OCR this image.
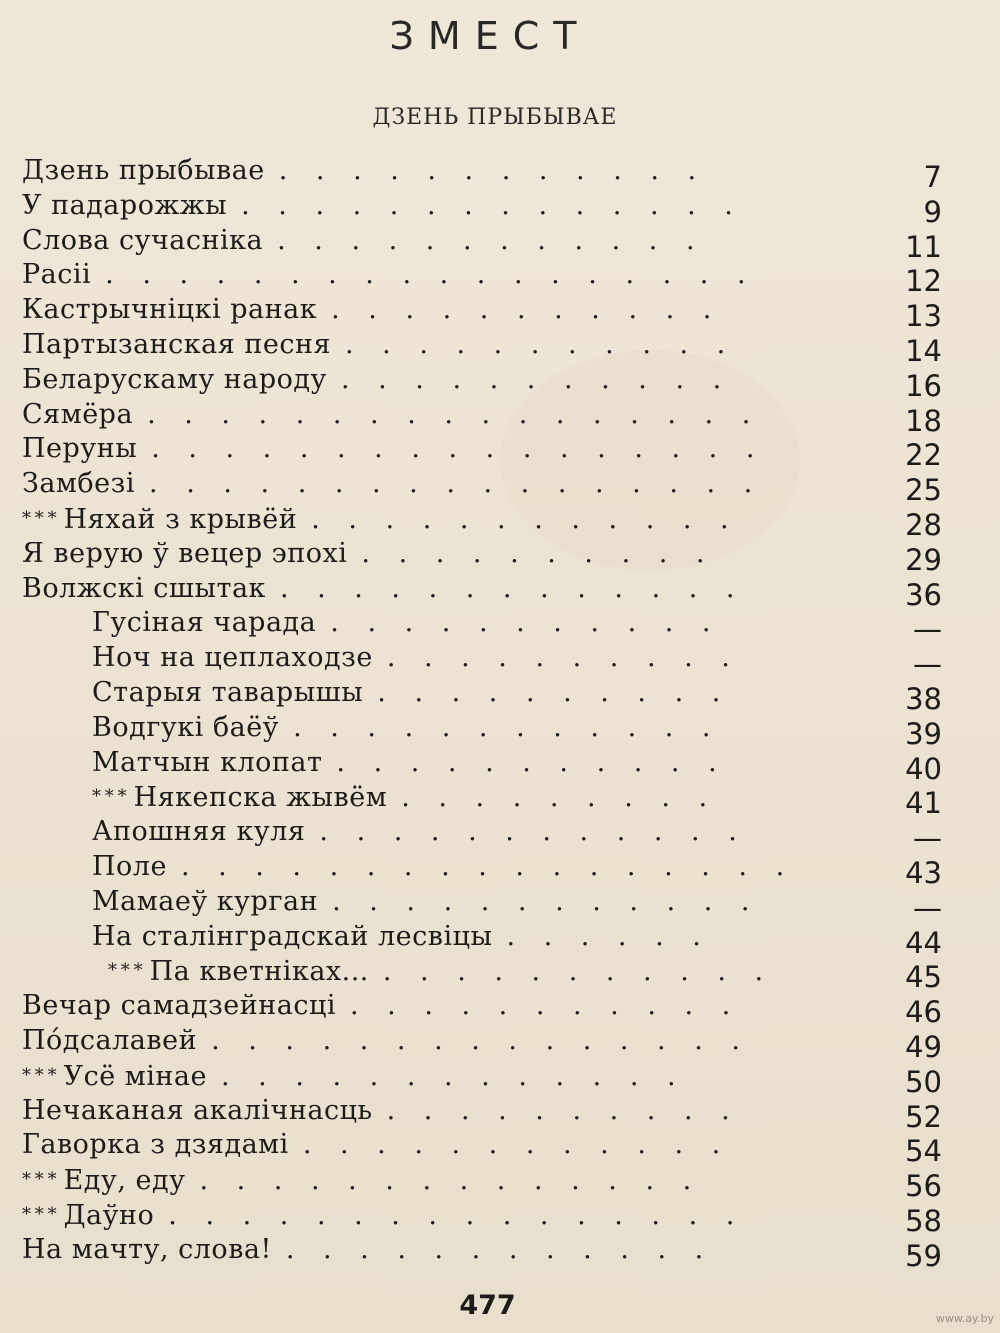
ЗМЕСТ
ДЗЕНЬ ПРЫБЫВАЕ
Дзень прыбывае . . . . . . . . . . . .	7
У падарожжы . . . . . . . . . . . . . .	9
Слова сучасніка . . . . . . . . . . . .	11
Расіі . . . . . . . . . . . . . . . . . .	12
Кастрычніцкі ранак . . . . . . . . . . .	13
Партызанская песня . . . . . . . . . . .	14
Беларускаму народу . . . . . . . . . . .	16
Сямёра . . . . . . . . . . . . . . . . .	18
Перуны . . . . . . . . . . . . . . . . .	22
Замбезі . . . . . . . . . . . . . . . . .	25
* * * Няхай з крывёй . . . . . . . . . . . .	28
Я верую ў вецер эпохі . . . . . . . . . .	29
Волжскі сшытак . . . . . . . . . . . . .	36
Гусіная чарада . . . . . . . . . . .	—
Ноч на цеплаходзе . . . . . . . . . .	—
Старыя таварышы . . . . . . . . . .	38
Водгукі баёў . . . . . . . . . . . .	39
Матчын клопат . . . . . . . . . . .	40
* * * Някепска жывём . . . . . . . . .	41
Апошняя куля . . . . . . . . . . . .	—
Поле . . . . . . . . . . . . . . . . .	43
Мамаеў курган . . . . . . . . . . . .	—
На сталінградскай лесвіцы . . . . . .	44
* * * Па кветніках... . . . . . . . . . . .	45
Вечар самадзейнасці . . . . . . . . . . .	46
Пóдсалавей . . . . . . . . . . . . . . .	49
* * * Усё мінае . . . . . . . . . . . . .	50
Нечаканая акалічнасць . . . . . . . . . .	52
Гаворка з дзядамі . . . . . . . . . . . .	54
* * * Еду, еду . . . . . . . . . . . . . .	56
* * * Даўно . . . . . . . . . . . . . . . .	58
На мачту, слова! . . . . . . . . . . . .	59
477	www.ay.by
